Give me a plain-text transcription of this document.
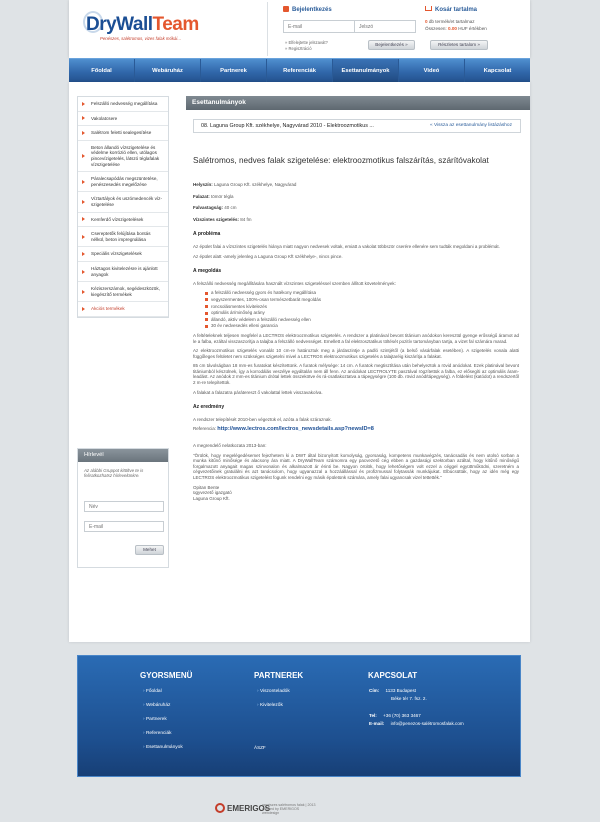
DryWallTeam
Penészes, salétromos, vizes falak mókái...
Bejelentkezés
E-mail
» Elfelejtette jelszavát?
» Regisztráció
Bejelentkezés »
Kosár tartalma
0 db termék/et tartalmaz
Összesen: 0.00 HUF értékben
Részletes tartalom »
Főoldal	Webáruház	Partnerek	Referenciák	Esettanulmányok	Videó	Kapcsolat
Felszálló nedvesség megállítása
Vakolatcsere
Salétrom feletti sealegesítése
Beton állandó vízszigetelése és védelme korrózió ellen, utólagos pincevízigetelés, látszó téglafalak vízszigetelése
Páralecsapódás megszüntetése, penészesedés megelőzése
Víztartályok és uszómedencék víz-szigetelése
Kemferdő vízszigetelések
Csereptetők felújítása bontás nélkül, beton impregnálása
Speciális vízszigetelések
Háztagos kivitelezésre is ajánlott anyagok
Kéziszerszámok, segédeszközök, kiegészítő termékek
Akciós termékek
Hírlevél
Az alábbi Gruppot kitöltve te is feliratkozhatsz hírlevelünkre.
Név
E-mail
Mehet
Esettanulmányok
08. Laguna Group Kft. székhelye, Nagyvárad 2010 - Elektroozmotikus ...	« Vissza az esettanulmány listázáshoz
Salétromos, nedves falak szigetelése: elektroozmotikus falszárítás, szárítóvakolat
Helyszín: Laguna Group Kft. székhelye, Nagyvárad
Falazat: tömör tégla
Falvastagság: 40 cm
Vízszintes szigetelés: 84 fm
A probléma

Az épület falai a vízszintes szigetelés hiánya miatt nagyon nedvesek voltak, emiatt a vakolat többször cserére ellenére sem tudták megoldani a problémát.

Az épület alatt -amely jelenleg a Laguna Group Kft székhelye-, nincs pince.

A megoldás

A felszálló nedvesség megállítására használt vízszintes szigeteléssel szemben állított követelmények:

a felszálló nedvesség gyors és hatékony megállítása
vegyszermentes, 100%-osan természetbarát megoldás
roncsolásmentes kivitelezés
optimális ár/minőség arány
állandó, aktív védelem a felszálló nedvesség ellen
30 év nedvesedés elleni garancia

A feltételeknek teljesen megfelel a LECTROS elektroozmotikus szigetelés. A rendszer a platinával bevont titánium anódokon keresztül gyenge erősségű áramot ad le a falba, ezáltal visszaszorítja a talajba a felszálló nedvességet. Emellett a fal elektrosztatikus töltését pozitív tartományban tartja, a vizet fal számára marad.

Az elektroozmotikus szigetelés vonalát 10 cm-re határoztuk meg a járdaszintje a padló szintjétől (a belső vásárfalak esetében). A szigetelés vonala alatti függőleges felületet nem szükséges szigetelni mivel a LECTROS elektroozmotikus szigetelés a talajtaréig kiszárítja a falakat.

85 cm távolságban 18 mm-es furatokat készítettünk. A furatok mélysége: 14 cm. A furatok megtisztítása után behelyeztük a rövid anódokat. Ezek platinával bevont titániumból készülnek, így a korrodálás veszélye egyáltalán nem áll fenn. Az anódokat LECTROLYTE pasztával rögzítettük a falba, ez elősegíti az optimális áram-leadást. Az anódok 2 mm-es titánium drótal lettek összekötve és rá-csatlakoztatva a tápegységre (100 db. rövid anód/tápegység). A földelést (katódot) a rendszertől 2 m-re telepítettük.

A falakat a falazatra párátereszt ő vakolattal lettek visszavakolva.

Az eredmény

A rendszer telepítését 2010-ben végeztük el, azóta a falak száraznak.

Referencia: http://www.lectros.com/lectros_newsdetails.asp?newsID=8

A megrendelő nelatkozata 2013-ban:

"Örülök, hogy megelégedésemet fejezhetem ki a DWT által bizonyított komolyság, gyorsaság, kompetens munkavégzés, tanácsadás és nem utolsó sorban a munka kitűnő minősége és alacsony ára miatt. A DryWallTeam számomra egy pacvezető cég ebben a gazdasági szektorban azáltal, hogy kitűnő minőségű forgalmazott anyagait magas szinvonalon és alkalmazott ár érinti be. Nagyon örülök, hogy lehetőségem volt ezzel a céggel együttműködni, szeretném a cégvezetőinek gratulálni és azt tanácsolom, hogy ugyanazzal a hozzáállással és profizmussal folytassák munkájukat. Elbúcsütták, hogy az idén még egy LECTROS elektroozmotikus szigetelést fogunk rendelni egy másik épületünk számára, amely falai ugyancsak vizel tettették."

Opitan Bente
ügyvezető igazgató
Laguna Group Kft.
GYORSMENÜ
› Főoldal
› Webáruház
› Partnerek
› Referenciák
› Esettanulmányok
PARTNEREK
› Viszonteladók
› Kivitelezők
ÁSZF
KAPCSOLAT
Cím: 1133 Budapest
Béke tér 7. fsz. 2.
Tel: +36 (70) 363 3467
E-mail: info@penezos-salétromosfalak.com
EMERIGOS
penészes salétromos falak | 2013
created by EMERIGOS
webdesign
